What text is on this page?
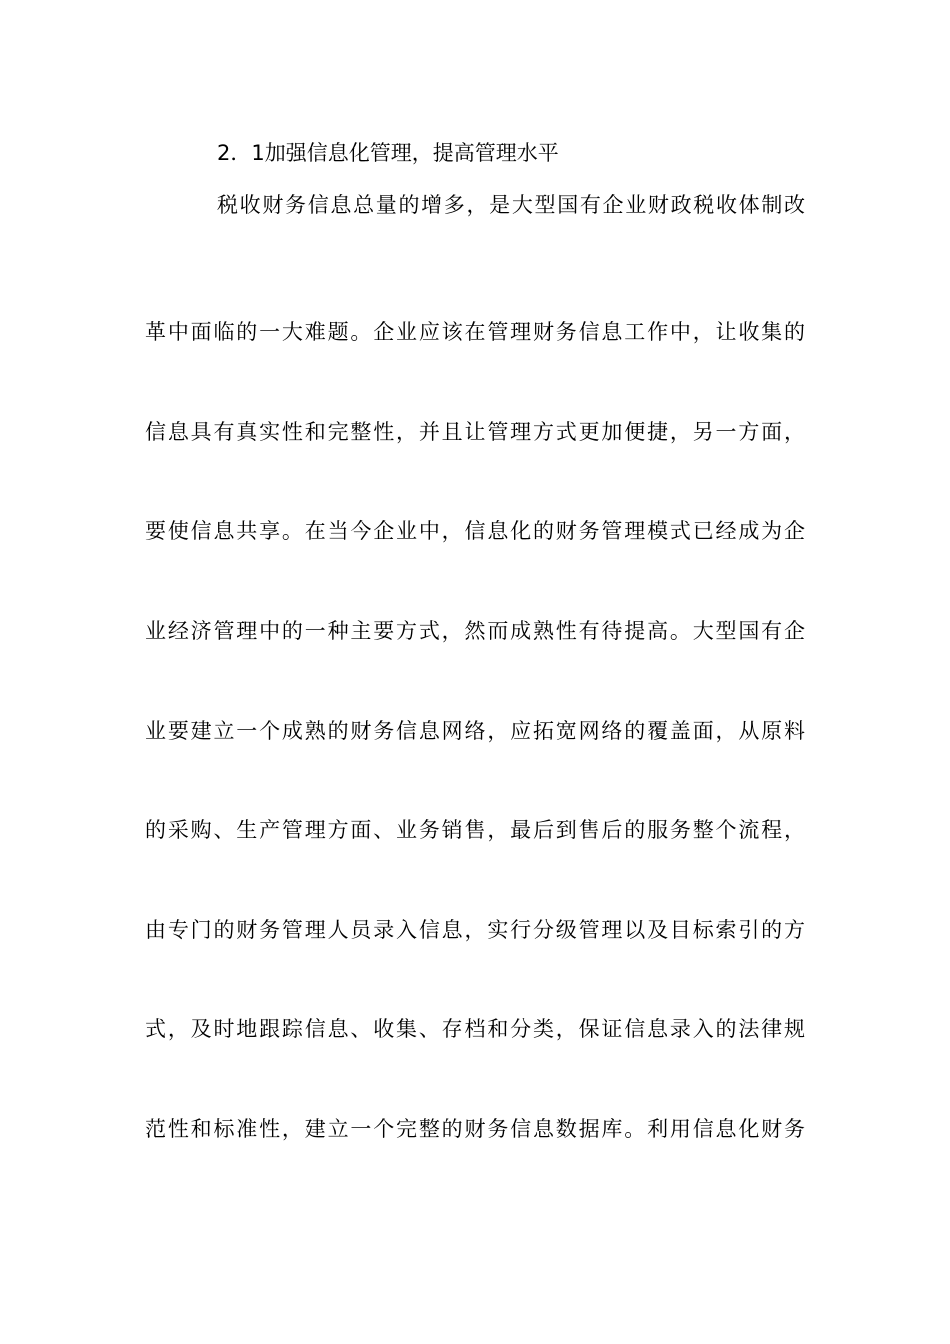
2．1加强信息化管理，提高管理水平
税收财务信息总量的增多，是大型国有企业财政税收体制改
革中面临的一大难题。企业应该在管理财务信息工作中，让收集的
信息具有真实性和完整性，并且让管理方式更加便捷，另一方面，
要使信息共享。在当今企业中，信息化的财务管理模式已经成为企
业经济管理中的一种主要方式，然而成熟性有待提高。大型国有企
业要建立一个成熟的财务信息网络，应拓宽网络的覆盖面，从原料
的采购、生产管理方面、业务销售，最后到售后的服务整个流程，
由专门的财务管理人员录入信息，实行分级管理以及目标索引的方
式，及时地跟踪信息、收集、存档和分类，保证信息录入的法律规
范性和标准性，建立一个完整的财务信息数据库。利用信息化财务
